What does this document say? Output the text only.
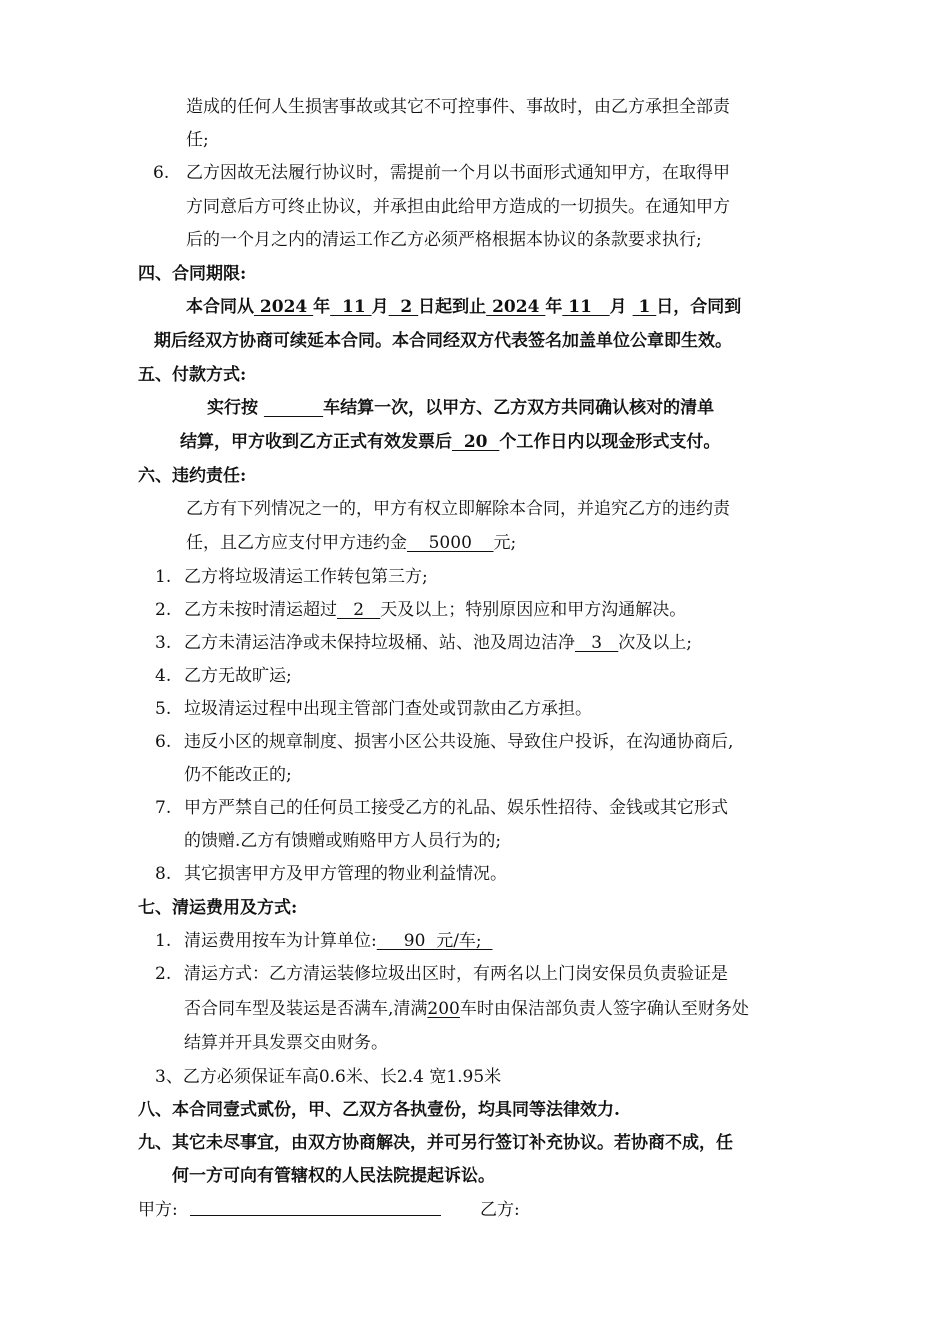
造成的任何人生损害事故或其它不可控事件、事故时，由乙方承担全部责
任;
6. 乙方因故无法履行协议时，需提前一个月以书面形式通知甲方，在取得甲
方同意后方可终止协议，并承担由此给甲方造成的一切损失。在通知甲方
后的一个月之内的清运工作乙方必须严格根据本协议的条款要求执行;
四、合同期限:
本合同从 2024 年  11 月  2 日起到止 2024 年 11   月  1 日，合同到
期后经双方协商可续延本合同。本合同经双方代表签名加盖单位公章即生效。
五、付款方式:
实行按	车结算一次，以甲方、乙方双方共同确认核对的清单
结算，甲方收到乙方正式有效发票后  20  个工作日内以现金形式支付。
六、违约责任:
乙方有下列情况之一的，甲方有权立即解除本合同，并追究乙方的违约责
任，且乙方应支付甲方违约金    5000    元;
1. 乙方将垃圾清运工作转包第三方;
2. 乙方未按时清运超过   2   天及以上；特别原因应和甲方沟通解决。
3. 乙方未清运洁净或未保持垃圾桶、站、池及周边洁净   3   次及以上;
4. 乙方无故旷运;
5. 垃圾清运过程中出现主管部门查处或罚款由乙方承担。
6. 违反小区的规章制度、损害小区公共设施、导致住户投诉，在沟通协商后,
仍不能改正的;
7. 甲方严禁自己的任何员工接受乙方的礼品、娱乐性招待、金钱或其它形式
的馈赠.乙方有馈赠或贿赂甲方人员行为的;
8. 其它损害甲方及甲方管理的物业利益情况。
七、清运费用及方式:
1. 清运费用按车为计算单位:     90  元/车;
2. 清运方式：乙方清运装修垃圾出区时，有两名以上门岗安保员负责验证是
否合同车型及装运是否满车,清满200车时由保洁部负责人签字确认至财务处
结算并开具发票交由财务。
3、乙方必须保证车高0.6米、长2.4 宽1.95米
八、本合同壹式贰份，甲、乙双方各执壹份，均具同等法律效力.
九、其它未尽事宜，由双方协商解决，并可另行签订补充协议。若协商不成，任
何一方可向有管辖权的人民法院提起诉讼。
甲方:	乙方:
